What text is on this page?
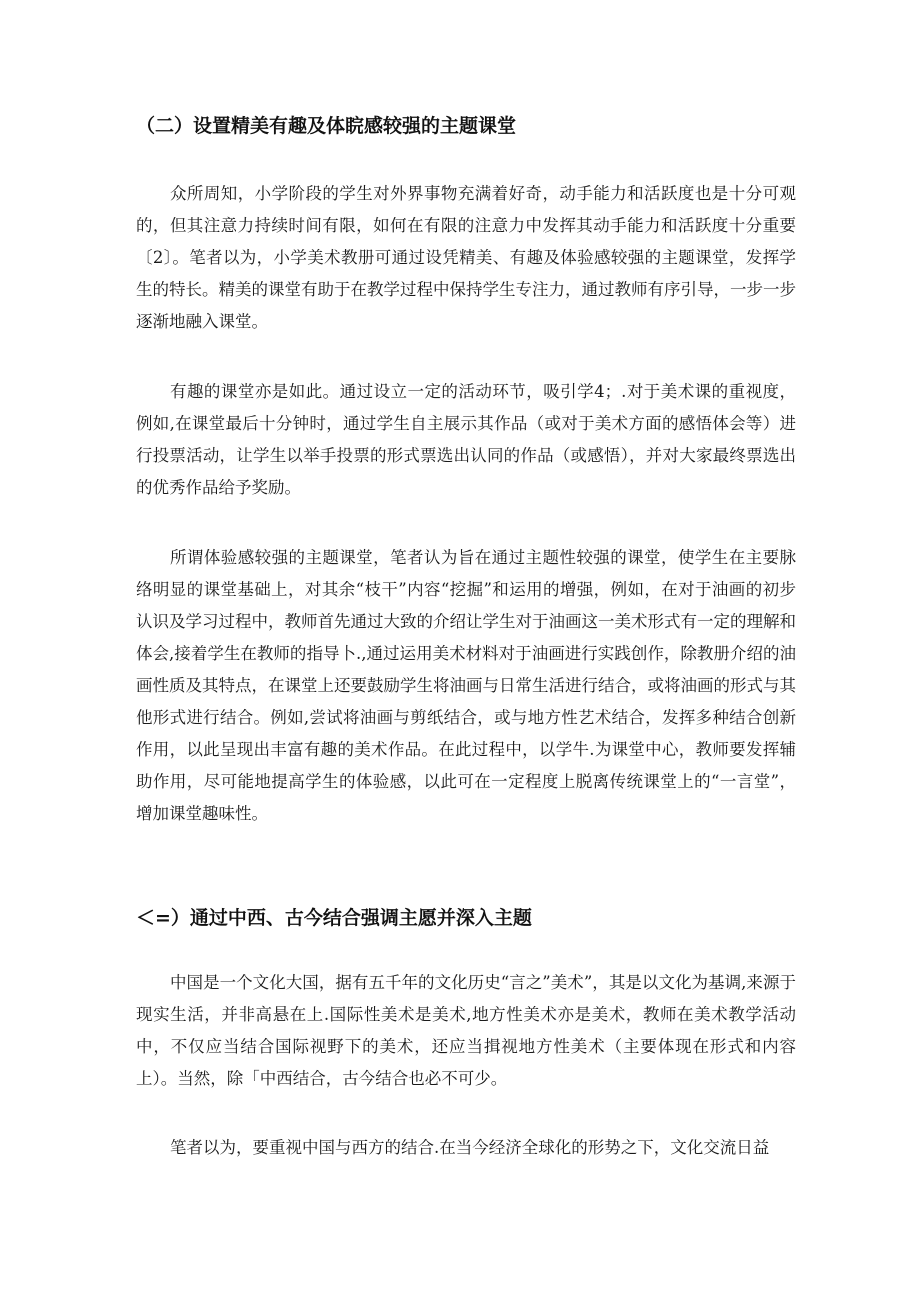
（二）设置精美有趣及体睆感较强的主题课堂

众所周知，小学阶段的学生对外界事物充满着好奇，动手能力和活跃度也是十分可观的，但其注意力持续时间有限，如何在有限的注意力中发挥其动手能力和活跃度十分重要〔2〕。笔者以为，小学美术教册可通过设凭精美、有趣及体验感较强的主题课堂，发挥学生的特长。精美的课堂有助于在教学过程中保持学生专注力，通过教师有序引导，一步一步逐渐地融入课堂。

有趣的课堂亦是如此。通过设立一定的活动环节，吸引学4；.对于美术课的重视度，例如,在课堂最后十分钟时，通过学生自主展示其作品（或对于美术方面的感悟体会等）进行投票活动，让学生以举手投票的形式票选出认同的作品（或感悟），并对大家最终票选出的优秀作品给予奖励。

所谓体验感较强的主题课堂，笔者认为旨在通过主题性较强的课堂，使学生在主要脉络明显的课堂基础上，对其余“枝干”内容“挖掘”和运用的增强，例如，在对于油画的初步认识及学习过程中，教师首先通过大致的介绍让学生对于油画这一美术形式有一定的理解和体会,接着学生在教师的指导卜.,通过运用美术材料对于油画进行实践创作，除教册介绍的油画性质及其特点，在课堂上还要鼓励学生将油画与日常生活进行结合，或将油画的形式与其他形式进行结合。例如,尝试将油画与剪纸结合，或与地方性艺术结合，发挥多种结合创新作用，以此呈现出丰富有趣的美术作品。在此过程中，以学牛.为课堂中心，教师要发挥辅助作用，尽可能地提高学生的体验感，以此可在一定程度上脱离传统课堂上的“一言堂”，增加课堂趣味性。

＜=）通过中西、古今结合强调主愿并深入主题

中国是一个文化大国，据有五千年的文化历史“言之”美术”，其是以文化为基调,来源于现实生活，并非高悬在上.国际性美术是美术,地方性美术亦是美术，教师在美术教学活动中，不仅应当结合国际视野下的美术，还应当揖视地方性美术（主要体现在形式和内容上）。当然，除「中西结合，古今结合也必不可少。

笔者以为，要重视中国与西方的结合.在当今经济全球化的形势之下，文化交流日益
